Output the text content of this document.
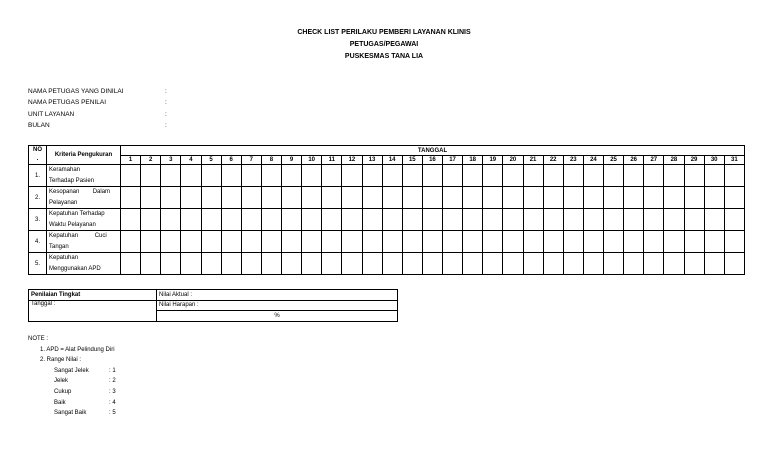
CHECK LIST PERILAKU PEMBERI LAYANAN KLINIS
PETUGAS/PEGAWAI
PUSKESMAS TANA LIA
NAMA PETUGAS YANG DINILAI	:
NAMA PETUGAS PENILAI	:
UNIT LAYANAN	:
BULAN	:
NO
.	Kriteria Pengukuran	TANGGAL																														
		1	2	3	4	5	6	7	8	9	10	11	12	13	14	15	16	17	18	19	20	21	22	23	24	25	26	27	28	29	30	31
1.	Keramahan
Terhadap Pasien																															

2.	Kesopanan        Dalam
Pelayanan																															

3.	Kepatuhan Terhadap
Waktu Pelayanan																															

4.	Kepatuhan          Cuci
Tangan																															

5.	Kepatuhan
Menggunakan APD																															

Penilaian Tingkat	Nilai Aktual :
Tanggal :	Nilai Harapan :
	%
NOTE :
1. APD = Alat Pelindung Diri
2. Range Nilai :
Sangat Jelek	: 1
Jelek	: 2
Cukup	: 3
Baik	: 4
Sangat Baik	: 5
